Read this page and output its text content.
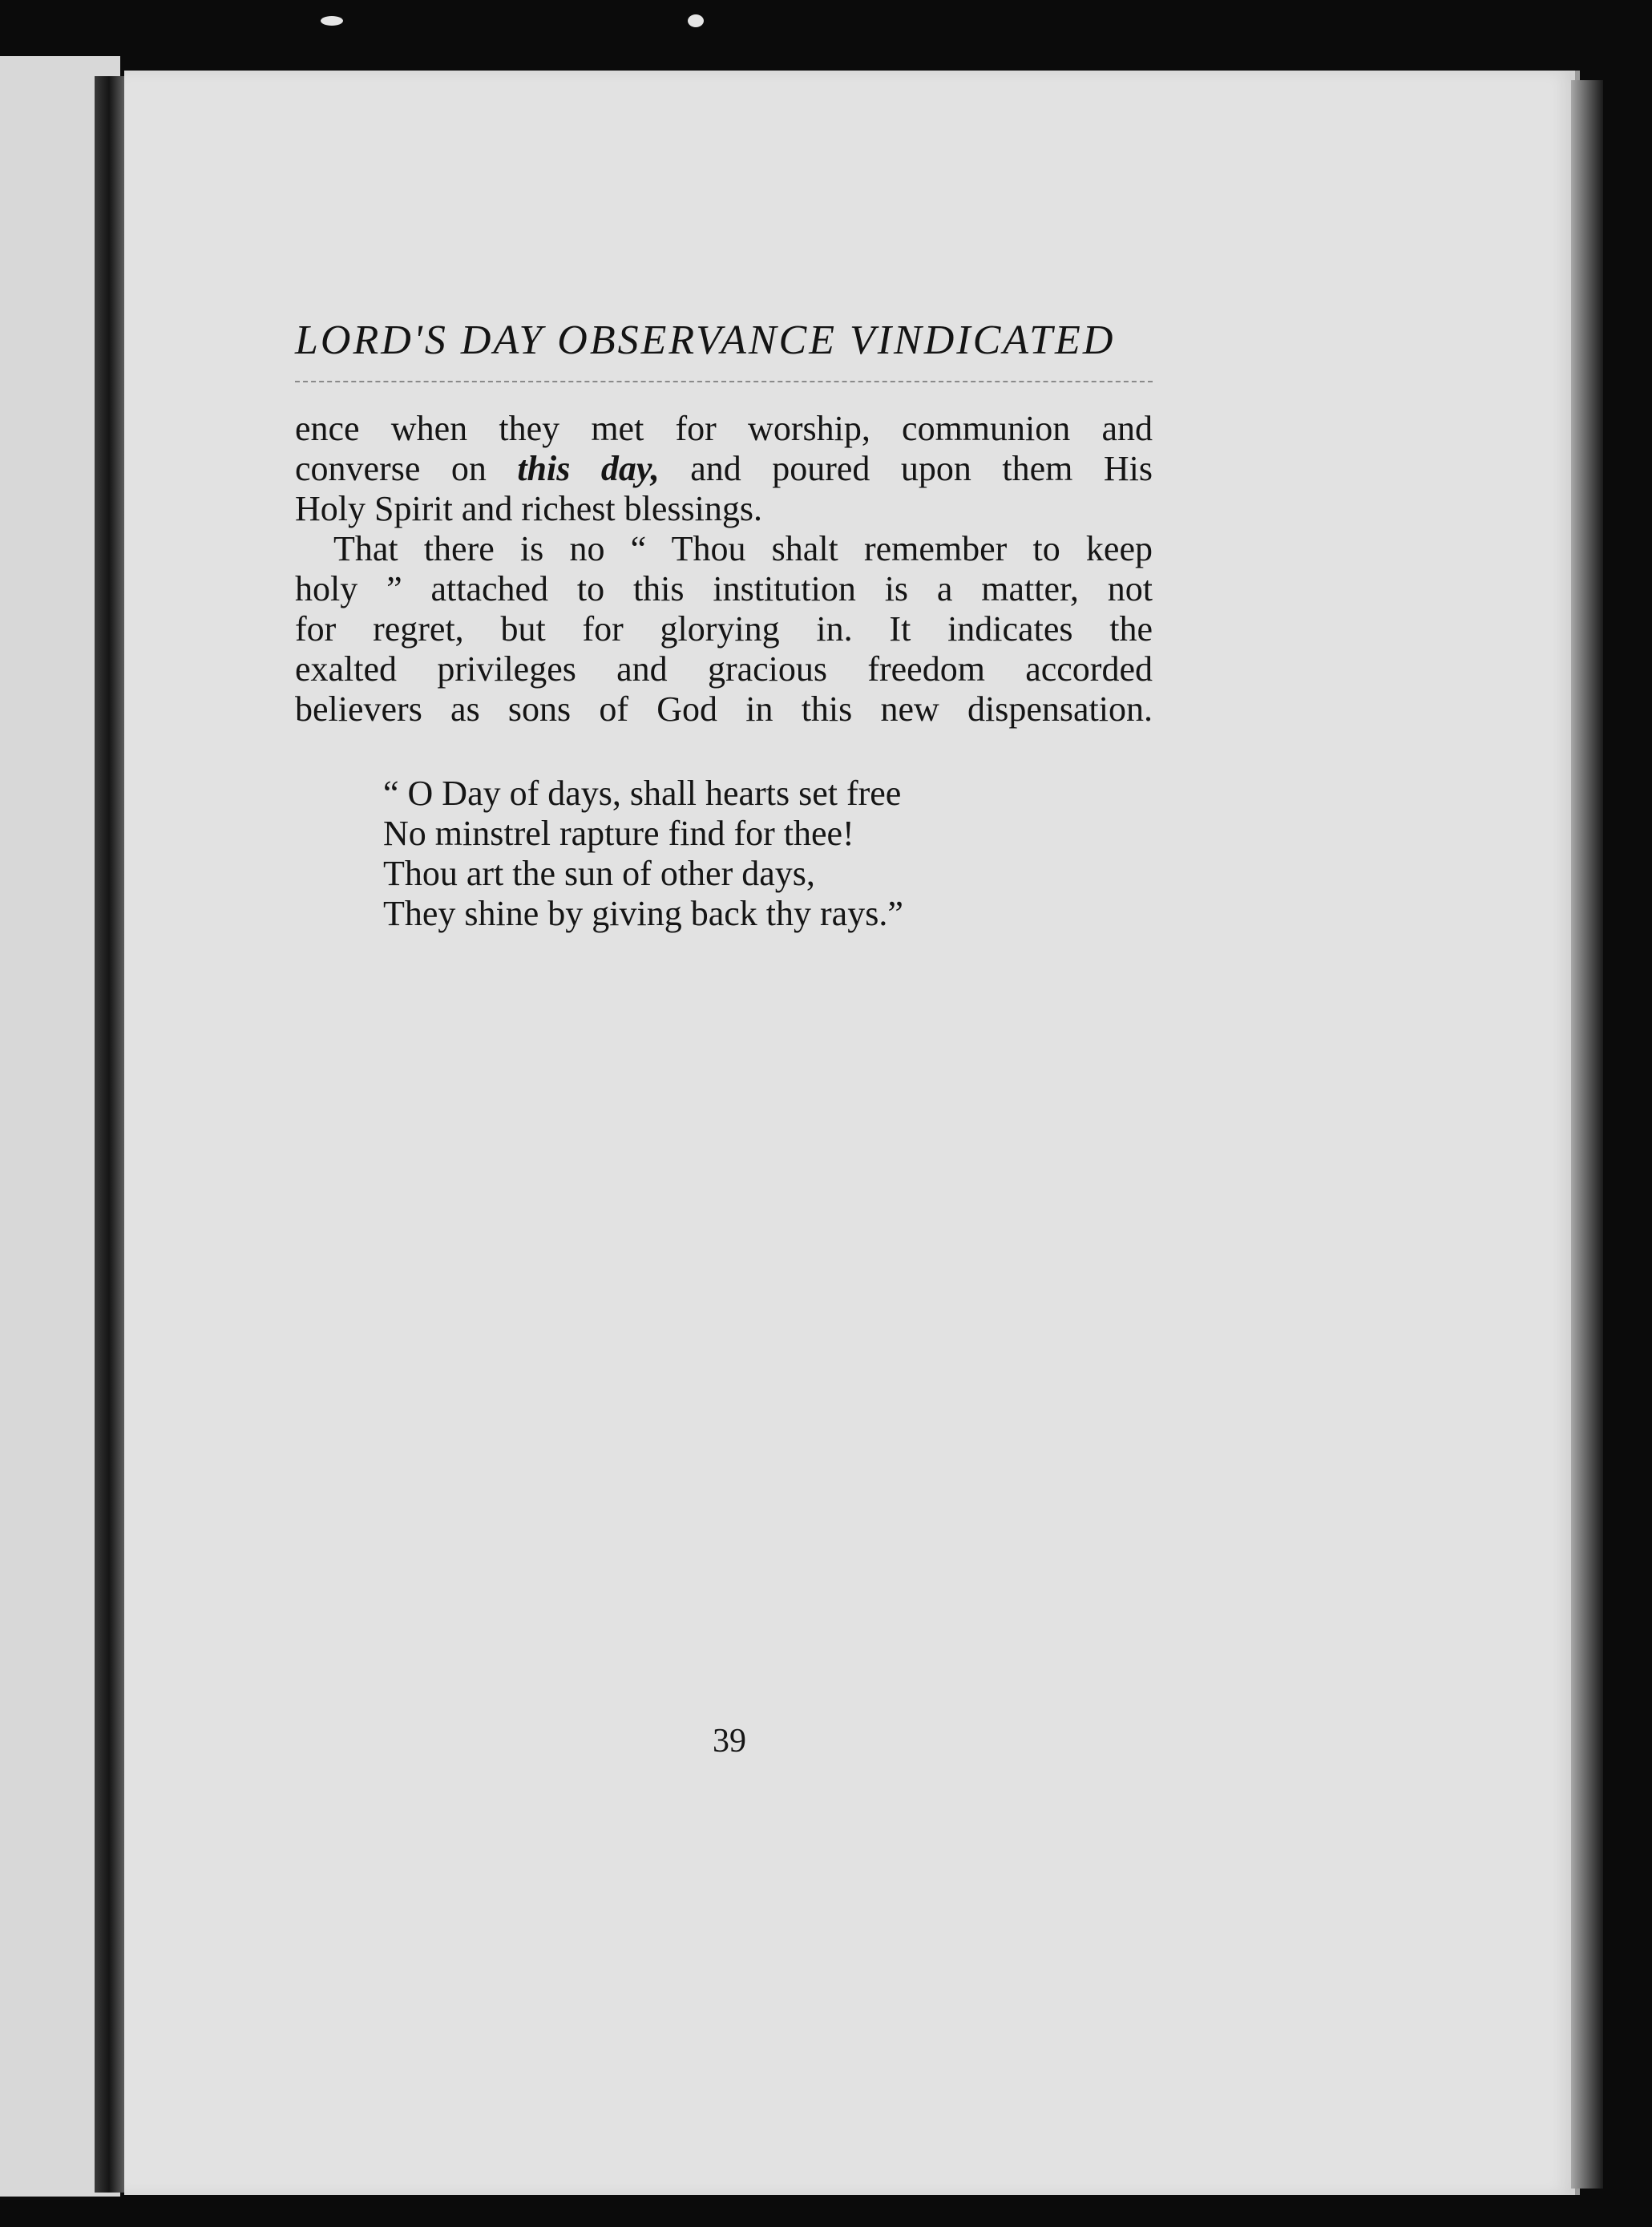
LORD'S DAY OBSERVANCE VINDICATED

ence when they met for worship, communion and
converse on this day, and poured upon them His
Holy Spirit and richest blessings.

That there is no “ Thou shalt remember to keep
holy ” attached to this institution is a matter, not
for regret, but for glorying in. It indicates the
exalted privileges and gracious freedom accorded
believers as sons of God in this new dispensation.

“ O Day of days, shall hearts set free
No minstrel rapture find for thee!
Thou art the sun of other days,
They shine by giving back thy rays.”
39
